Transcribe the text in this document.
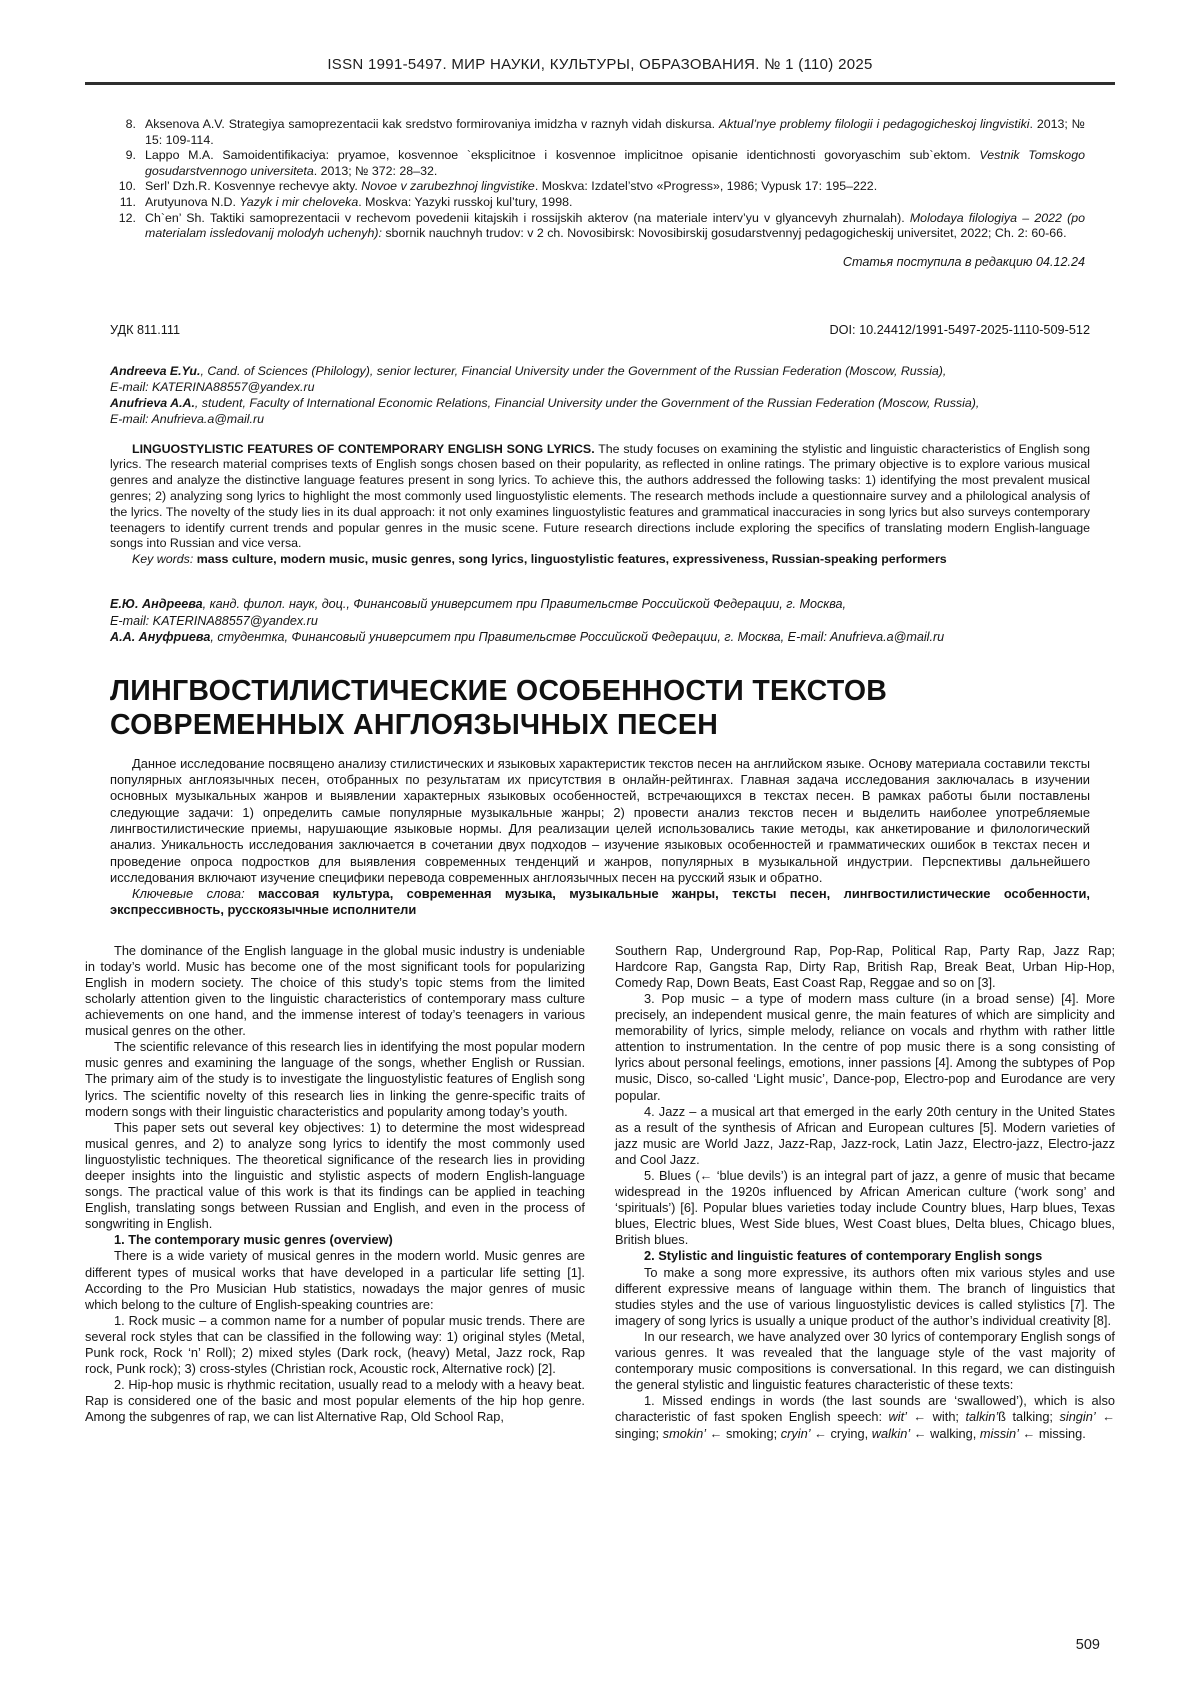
ISSN 1991-5497. МИР НАУКИ, КУЛЬТУРЫ, ОБРАЗОВАНИЯ. № 1 (110) 2025
8. Aksenova A.V. Strategiya samoprezentacii kak sredstvo formirovaniya imidzha v raznyh vidah diskursa. Aktual’nye problemy filologii i pedagogicheskoj lingvistiki. 2013; № 15: 109-114.
9. Lappo M.A. Samoidentifikaciya: pryamoe, kosvennoe `eksplicitnoe i kosvennoe implicitnoe opisanie identichnosti govoryaschim sub`ektom. Vestnik Tomskogo gosudarstvennogo universiteta. 2013; № 372: 28–32.
10. Serl’ Dzh.R. Kosvennye rechevye akty. Novoe v zarubezhnoj lingvistike. Moskva: Izdatel’stvo «Progress», 1986; Vypusk 17: 195–222.
11. Arutyunova N.D. Yazyk i mir cheloveka. Moskva: Yazyki russkoj kul’tury, 1998.
12. Ch`en’ Sh. Taktiki samoprezentacii v rechevom povedenii kitajskih i rossijskih akterov (na materiale interv’yu v glyancevyh zhurnalah). Molodaya filologiya – 2022 (po materialam issledovanij molodyh uchenyh): sbornik nauchnyh trudov: v 2 ch. Novosibirsk: Novosibirskij gosudarstvennyj pedagogicheskij universitet, 2022; Ch. 2: 60-66.
Статья поступила в редакцию 04.12.24
УДК 811.111	DOI: 10.24412/1991-5497-2025-1110-509-512
Andreeva E.Yu., Cand. of Sciences (Philology), senior lecturer, Financial University under the Government of the Russian Federation (Moscow, Russia),
E-mail: KATERINA88557@yandex.ru
Anufrieva A.A., student, Faculty of International Economic Relations, Financial University under the Government of the Russian Federation (Moscow, Russia),
E-mail: Anufrieva.a@mail.ru

LINGUOSTYLISTIC FEATURES OF CONTEMPORARY ENGLISH SONG LYRICS. The study focuses on examining the stylistic and linguistic characteristics of English song lyrics. The research material comprises texts of English songs chosen based on their popularity, as reflected in online ratings. The primary objective is to explore various musical genres and analyze the distinctive language features present in song lyrics. To achieve this, the authors addressed the following tasks: 1) identifying the most prevalent musical genres; 2) analyzing song lyrics to highlight the most commonly used linguostylistic elements. The research methods include a questionnaire survey and a philological analysis of the lyrics. The novelty of the study lies in its dual approach: it not only examines linguostylistic features and grammatical inaccuracies in song lyrics but also surveys contemporary teenagers to identify current trends and popular genres in the music scene. Future research directions include exploring the specifics of translating modern English-language songs into Russian and vice versa.

Key words: mass culture, modern music, music genres, song lyrics, linguostylistic features, expressiveness, Russian-speaking performers

Е.Ю. Андреева, канд. филол. наук, доц., Финансовый университет при Правительстве Российской Федерации, г. Москва,
E-mail: KATERINA88557@yandex.ru
А.А. Ануфриева, студентка, Финансовый университет при Правительстве Российской Федерации, г. Москва, E-mail: Anufrieva.a@mail.ru
ЛИНГВОСТИЛИСТИЧЕСКИЕ ОСОБЕННОСТИ ТЕКСТОВ
СОВРЕМЕННЫХ АНГЛОЯЗЫЧНЫХ ПЕСЕН

Данное исследование посвящено анализу стилистических и языковых характеристик текстов песен на английском языке. Основу материала составили тексты популярных англоязычных песен, отобранных по результатам их присутствия в онлайн-рейтингах. Главная задача исследования заключалась в изучении основных музыкальных жанров и выявлении характерных языковых особенностей, встречающихся в текстах песен. В рамках работы были поставлены следующие задачи: 1) определить самые популярные музыкальные жанры; 2) провести анализ текстов песен и выделить наиболее употребляемые лингвостилистические приемы, нарушающие языковые нормы. Для реализации целей использовались такие методы, как анкетирование и филологический анализ. Уникальность исследования заключается в сочетании двух подходов – изучение языковых особенностей и грамматических ошибок в текстах песен и проведение опроса подростков для выявления современных тенденций и жанров, популярных в музыкальной индустрии. Перспективы дальнейшего исследования включают изучение специфики перевода современных англоязычных песен на русский язык и обратно.

Ключевые слова: массовая культура, современная музыка, музыкальные жанры, тексты песен, лингвостилистические особенности, экспрессивность, русскоязычные исполнители

The dominance of the English language in the global music industry is undeniable in today’s world. Music has become one of the most significant tools for popularizing English in modern society. The choice of this study’s topic stems from the limited scholarly attention given to the linguistic characteristics of contemporary mass culture achievements on one hand, and the immense interest of today’s teenagers in various musical genres on the other.

The scientific relevance of this research lies in identifying the most popular modern music genres and examining the language of the songs, whether English or Russian. The primary aim of the study is to investigate the linguostylistic features of English song lyrics. The scientific novelty of this research lies in linking the genre-specific traits of modern songs with their linguistic characteristics and popularity among today’s youth.

This paper sets out several key objectives: 1) to determine the most widespread musical genres, and 2) to analyze song lyrics to identify the most commonly used linguostylistic techniques. The theoretical significance of the research lies in providing deeper insights into the linguistic and stylistic aspects of modern English-language songs. The practical value of this work is that its findings can be applied in teaching English, translating songs between Russian and English, and even in the process of songwriting in English.

1. The contemporary music genres (overview)

There is a wide variety of musical genres in the modern world. Music genres are different types of musical works that have developed in a particular life setting [1]. According to the Pro Musician Hub statistics, nowadays the major genres of music which belong to the culture of English-speaking countries are:

1. Rock music – a common name for a number of popular music trends. There are several rock styles that can be classified in the following way: 1) original styles (Metal, Punk rock, Rock ‘n’ Roll); 2) mixed styles (Dark rock, (heavy) Metal, Jazz rock, Rap rock, Punk rock); 3) cross-styles (Christian rock, Acoustic rock, Alternative rock) [2].

2. Hip-hop music is rhythmic recitation, usually read to a melody with a heavy beat. Rap is considered one of the basic and most popular elements of the hip hop genre. Among the subgenres of rap, we can list Alternative Rap, Old School Rap,

Southern Rap, Underground Rap, Pop-Rap, Political Rap, Party Rap, Jazz Rap; Hardcore Rap, Gangsta Rap, Dirty Rap, British Rap, Break Beat, Urban Hip-Hop, Comedy Rap, Down Beats, East Coast Rap, Reggae and so on [3].

3. Pop music – a type of modern mass culture (in a broad sense) [4]. More precisely, an independent musical genre, the main features of which are simplicity and memorability of lyrics, simple melody, reliance on vocals and rhythm with rather little attention to instrumentation. In the centre of pop music there is a song consisting of lyrics about personal feelings, emotions, inner passions [4]. Among the subtypes of Pop music, Disco, so-called ‘Light music’, Dance-pop, Electro-pop and Eurodance are very popular.

4. Jazz – a musical art that emerged in the early 20th century in the United States as a result of the synthesis of African and European cultures [5]. Modern varieties of jazz music are World Jazz, Jazz-Rap, Jazz-rock, Latin Jazz, Electro-jazz, Electro-jazz and Cool Jazz.

5. Blues (← ‘blue devils’) is an integral part of jazz, a genre of music that became widespread in the 1920s influenced by African American culture (‘work song’ and ‘spirituals’) [6]. Popular blues varieties today include Country blues, Harp blues, Texas blues, Electric blues, West Side blues, West Coast blues, Delta blues, Chicago blues, British blues.

2. Stylistic and linguistic features of contemporary English songs

To make a song more expressive, its authors often mix various styles and use different expressive means of language within them. The branch of linguistics that studies styles and the use of various linguostylistic devices is called stylistics [7]. The imagery of song lyrics is usually a unique product of the author’s individual creativity [8].

In our research, we have analyzed over 30 lyrics of contemporary English songs of various genres. It was revealed that the language style of the vast majority of contemporary music compositions is conversational. In this regard, we can distinguish the general stylistic and linguistic features characteristic of these texts:

1. Missed endings in words (the last sounds are ‘swallowed’), which is also characteristic of fast spoken English speech: wit’ ← with; talkin’ß talking; singin’ ← singing; smokin’ ← smoking; cryin’ ← crying, walkin’ ← walking, missin’ ← missing.

509
